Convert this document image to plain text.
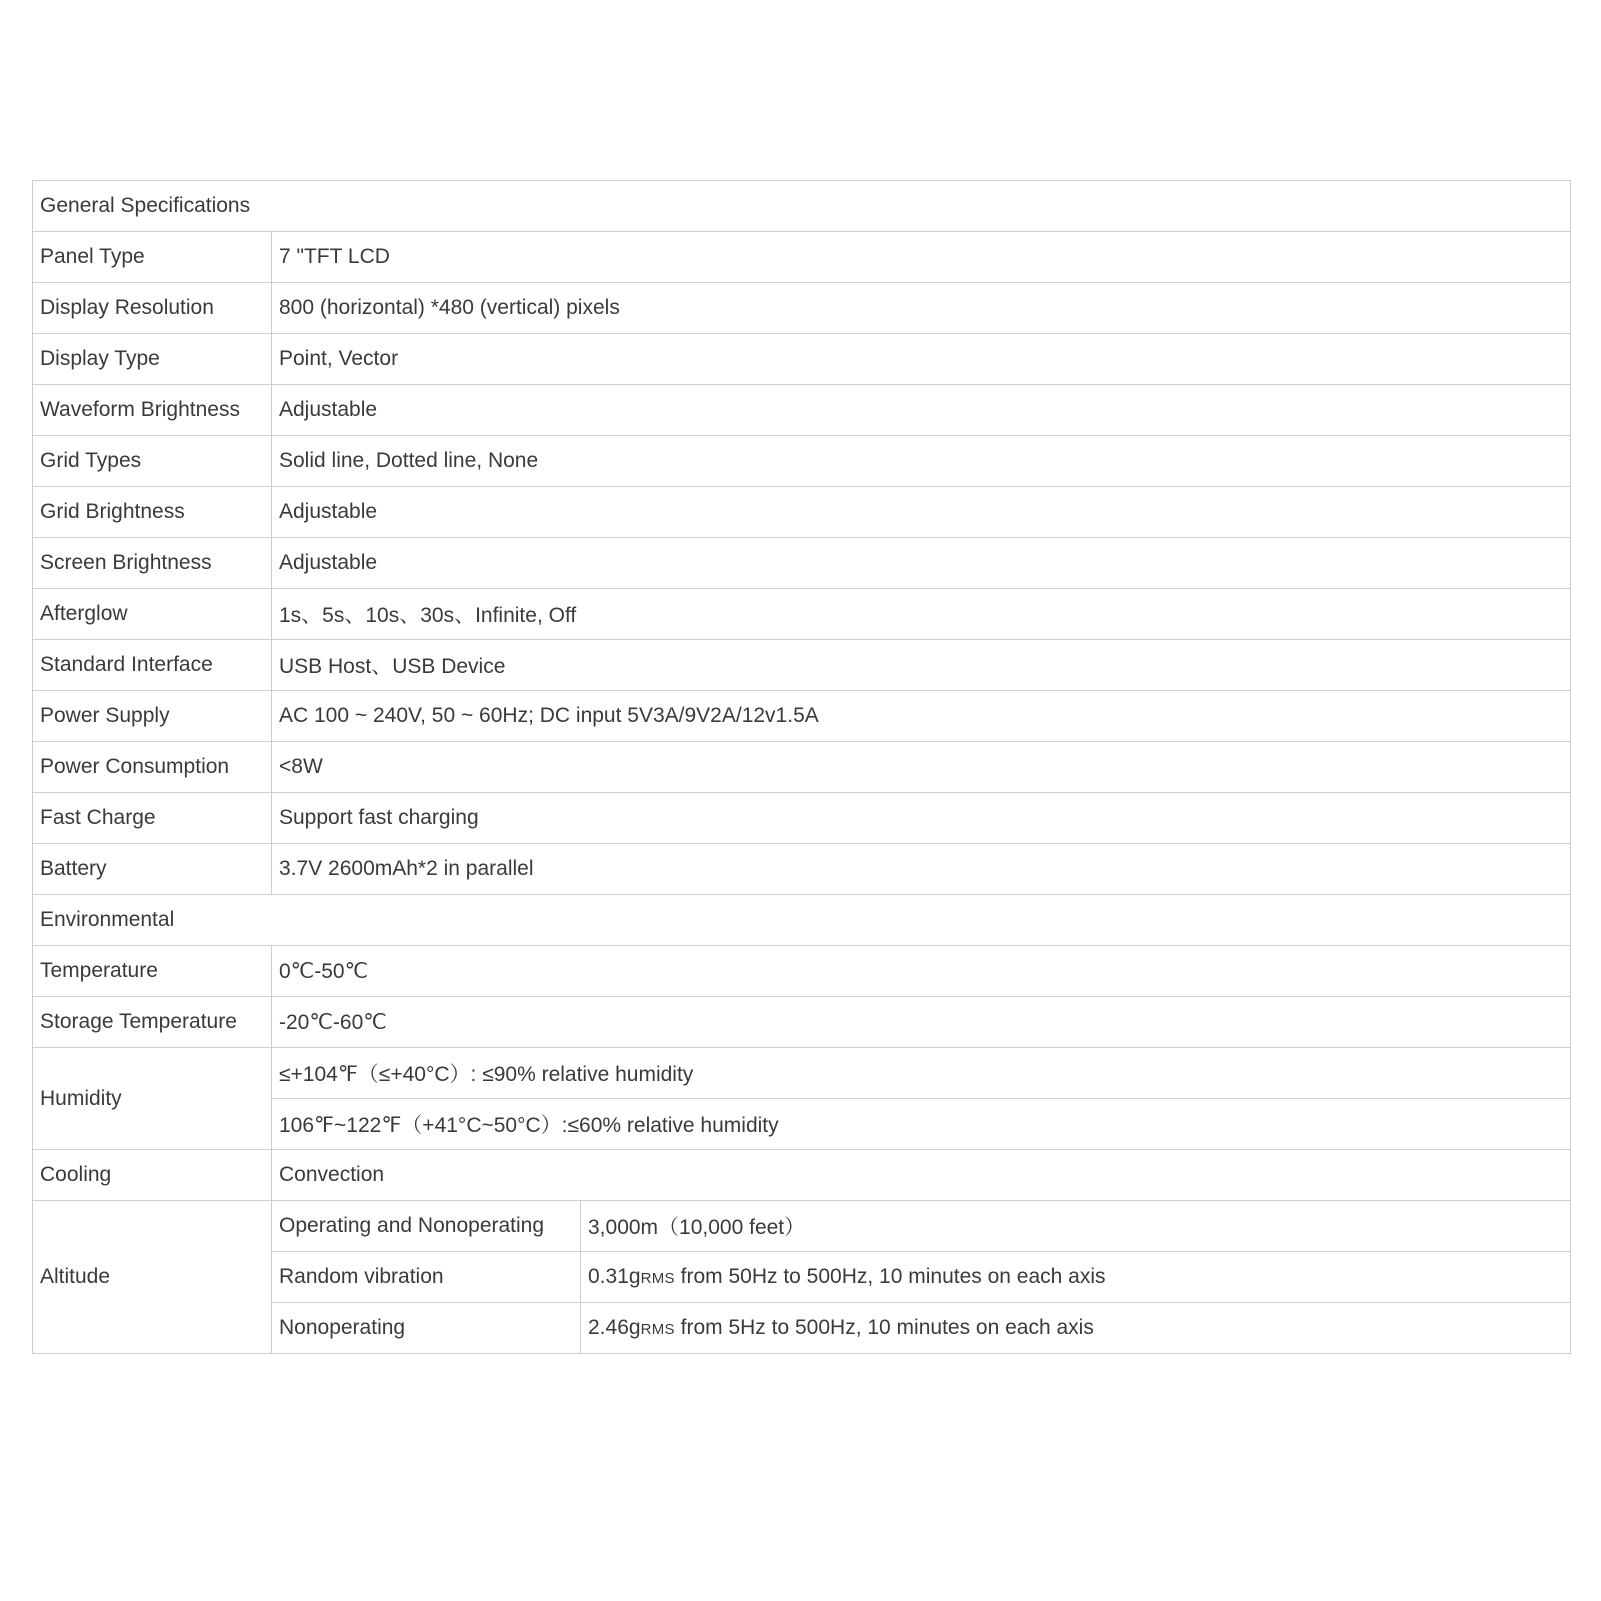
General Specifications		
Panel Type	7 "TFT LCD	
Display Resolution	800 (horizontal) *480 (vertical) pixels	
Display Type	Point, Vector	
Waveform Brightness	Adjustable	
Grid Types	Solid line, Dotted line, None	
Grid Brightness	Adjustable	
Screen Brightness	Adjustable	
Afterglow	1s、5s、10s、30s、Infinite, Off	
Standard Interface	USB Host、USB Device	
Power Supply	AC 100 ~ 240V, 50 ~ 60Hz; DC input 5V3A/9V2A/12v1.5A	
Power Consumption	<8W	
Fast Charge	Support fast charging	
Battery	3.7V 2600mAh*2 in parallel	
Environmental		
Temperature	0℃-50℃	
Storage Temperature	-20℃-60℃	
Humidity	≤+104℉（≤+40°C）: ≤90% relative humidity	
	106℉~122℉（+41°C~50°C）:≤60% relative humidity	
Cooling	Convection	
Altitude	Operating and Nonoperating	3,000m（10,000 feet）
	Random vibration	0.31gRMS from 50Hz to 500Hz, 10 minutes on each axis
	Nonoperating	2.46gRMS from 5Hz to 500Hz, 10 minutes on each axis
